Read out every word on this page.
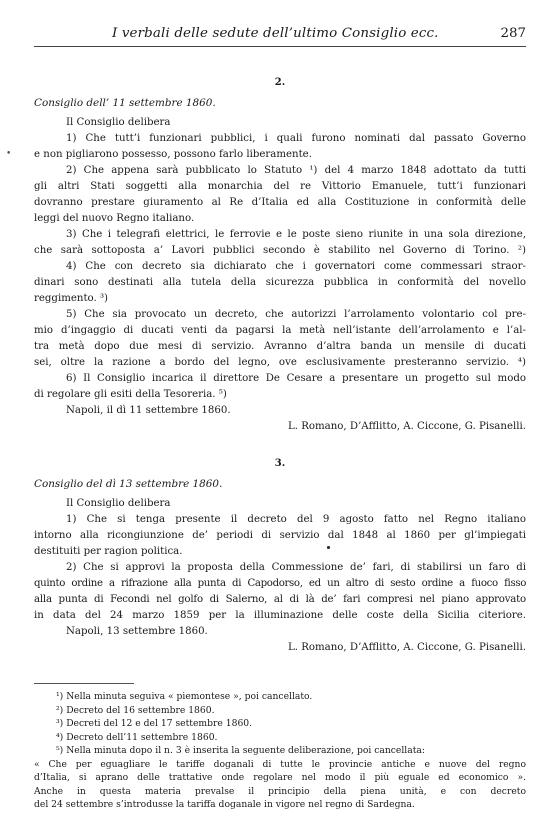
I verbali delle sedute dell’ultimo Consiglio ecc.	287
•
2.
Consiglio dell’ 11 settembre 1860.
Il Consiglio delibera
1) Che tutt’i funzionari pubblici, i quali furono nominati dal passato Governo
e non pigliarono possesso, possono farlo liberamente.
2) Che appena sarà pubblicato lo Statuto ¹) del 4 marzo 1848 adottato da tutti
gli altri Stati soggetti alla monarchia del re Vittorio Emanuele, tutt’i funzionari
dovranno prestare giuramento al Re d’Italia ed alla Costituzione in conformità delle
leggi del nuovo Regno italiano.
3) Che i telegrafi elettrici, le ferrovie e le poste sieno riunite in una sola direzione,
che sarà sottoposta a’ Lavori pubblici secondo è stabilito nel Governo di Torino. ²)
4) Che con decreto sia dichiarato che i governatori come commessari straor-
dinari sono destinati alla tutela della sicurezza pubblica in conformità del novello
reggimento. ³)
5) Che sia provocato un decreto, che autorizzi l’arrolamento volontario col pre-
mio d’ingaggio di ducati venti da pagarsi la metà nell’istante dell’arrolamento e l’al-
tra metà dopo due mesi di servizio. Avranno d’altra banda un mensile di ducati
sei, oltre la razione a bordo del legno, ove esclusivamente presteranno servizio. ⁴)
6) Il Consiglio incarica il direttore De Cesare a presentare un progetto sul modo
di regolare gli esiti della Tesoreria. ⁵)
Napoli, il dì 11 settembre 1860.
L. Romano, D’Afflitto, A. Ciccone, G. Pisanelli.
3.
Consiglio del dì 13 settembre 1860.
Il Consiglio delibera
1) Che si tenga presente il decreto del 9 agosto fatto nel Regno italiano
intorno alla ricongiunzione de’ periodi di servizio dal 1848 al 1860 per gl’impiegati
destituiti per ragion politica.
2) Che si approvi la proposta della Commessione de’ fari, di stabilirsi un faro di
quinto ordine a rifrazione alla punta di Capodorso, ed un altro di sesto ordine a fuoco fisso
alla punta di Fecondi nel golfo di Salerno, al di là de’ fari compresi nel piano approvato
in data del 24 marzo 1859 per la illuminazione delle coste della Sicilia citeriore.
Napoli, 13 settembre 1860.
L. Romano, D’Afflitto, A. Ciccone, G. Pisanelli.
¹) Nella minuta seguiva « piemontese », poi cancellato.
²) Decreto del 16 settembre 1860.
³) Decreti del 12 e del 17 settembre 1860.
⁴) Decreto dell’11 settembre 1860.
⁵) Nella minuta dopo il n. 3 è inserita la seguente deliberazione, poi cancellata:
« Che per eguagliare le tariffe doganali di tutte le provincie antiche e nuove del regno
d’Italia, si aprano delle trattative onde regolare nel modo il più eguale ed economico ».
Anche in questa materia prevalse il principio della piena unità, e con decreto
del 24 settembre s’introdusse la tariffa doganale in vigore nel regno di Sardegna.
